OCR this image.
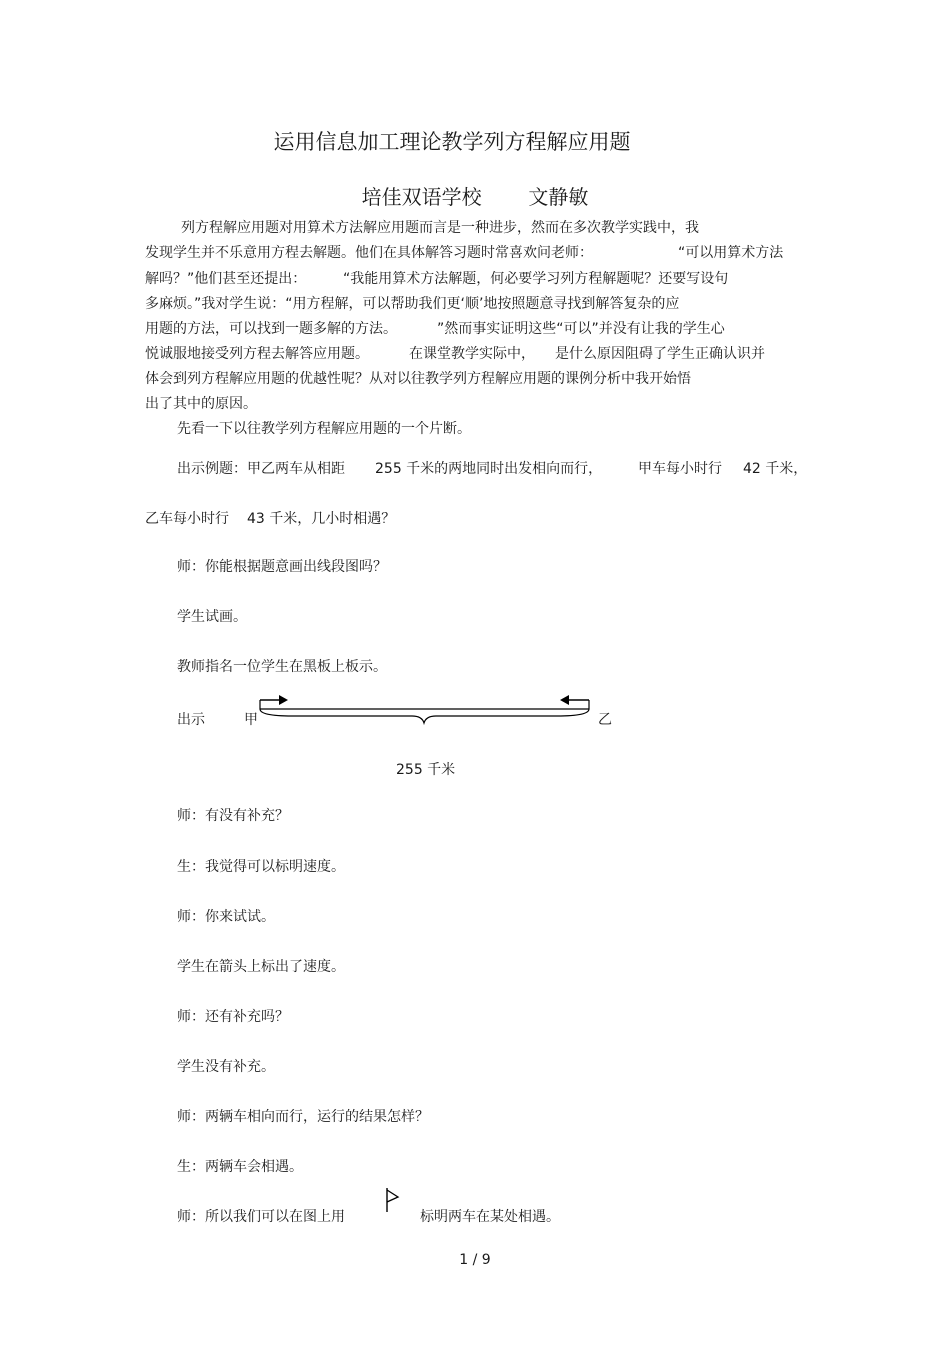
运用信息加工理论教学列方程解应用题
培佳双语学校 文静敏
列方程解应用题对用算术方法解应用题而言是一种进步，然而在多次教学实践中，我
发现学生并不乐意用方程去解题。他们在具体解答习题时常喜欢问老师：	“可以用算术方法
解吗？”他们甚至还提出：	“我能用算术方法解题，何必要学习列方程解题呢？还要写设句
多麻烦。”我对学生说：“用方程解，可以帮助我们更‘顺’地按照题意寻找到解答复杂的应
用题的方法，可以找到一题多解的方法。	”然而事实证明这些“可以”并没有让我的学生心
悦诚服地接受列方程去解答应用题。	在课堂教学实际中， 是什么原因阻碍了学生正确认识并
体会到列方程解应用题的优越性呢？从对以往教学列方程解应用题的课例分析中我开始悟
出了其中的原因。
先看一下以往教学列方程解应用题的一个片断。
出示例题：甲乙两车从相距 255 千米的两地同时出发相向而行，	甲车每小时行 42 千米，
乙车每小时行 43 千米，几小时相遇？
师：你能根据题意画出线段图吗？
学生试画。
教师指名一位学生在黑板上板示。
出示	甲	乙
255 千米
师：有没有补充？
生：我觉得可以标明速度。
师：你来试试。
学生在箭头上标出了速度。
师：还有补充吗？
学生没有补充。
师：两辆车相向而行，运行的结果怎样？
生：两辆车会相遇。
师：所以我们可以在图上用	标明两车在某处相遇。
1 / 9
